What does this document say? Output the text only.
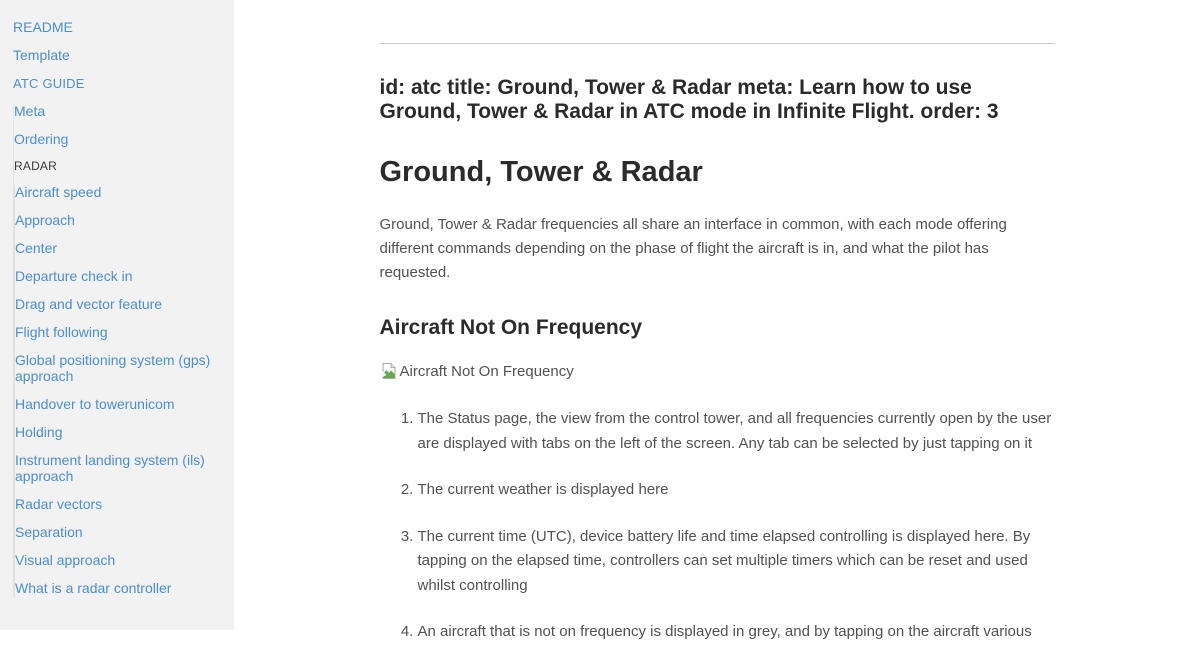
README
Template
ATC GUIDE
Meta
Ordering
RADAR
Aircraft speed
Approach
Center
Departure check in
Drag and vector feature
Flight following
Global positioning system (gps) approach
Handover to towerunicom
Holding
Instrument landing system (ils) approach
Radar vectors
Separation
Visual approach
What is a radar controller
id: atc title: Ground, Tower & Radar meta: Learn how to use Ground, Tower & Radar in ATC mode in Infinite Flight. order: 3
Ground, Tower & Radar

Ground, Tower & Radar frequencies all share an interface in common, with each mode offering different commands depending on the phase of flight the aircraft is in, and what the pilot has requested.

Aircraft Not On Frequency

Aircraft Not On Frequency

1. The Status page, the view from the control tower, and all frequencies currently open by the user are displayed with tabs on the left of the screen. Any tab can be selected by just tapping on it
2. The current weather is displayed here
3. The current time (UTC), device battery life and time elapsed controlling is displayed here. By tapping on the elapsed time, controllers can set multiple timers which can be reset and used whilst controlling
4. An aircraft that is not on frequency is displayed in grey, and by tapping on the aircraft various
